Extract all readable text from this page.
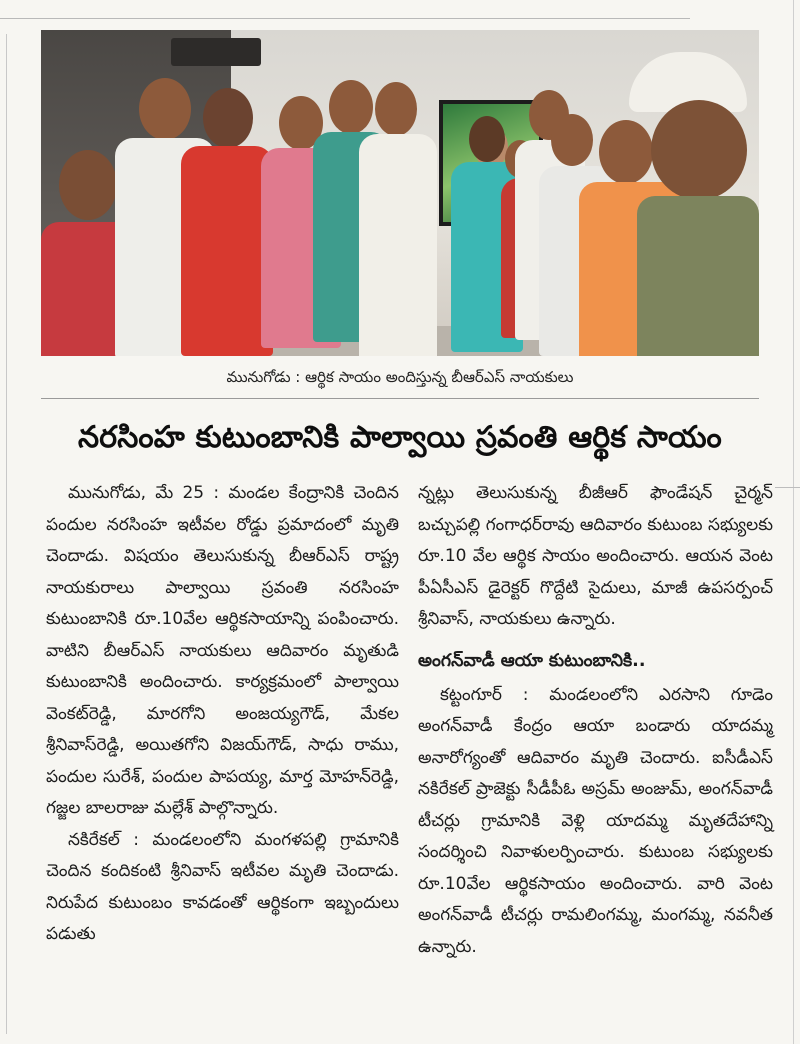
మునుగోడు : ఆర్థిక సాయం అందిస్తున్న బీఆర్ఎస్ నాయకులు
నరసింహ కుటుంబానికి పాల్వాయి స్రవంతి ఆర్థిక సాయం

మునుగోడు, మే 25 : మండల కేంద్రానికి చెందిన పందుల నరసింహ ఇటీవల రోడ్డు ప్రమాదంలో మృతి చెందాడు. విషయం తెలుసుకున్న బీఆర్ఎస్ రాష్ట్ర నాయకురాలు పాల్వాయి స్రవంతి నరసింహ కుటుంబానికి రూ.10వేల ఆర్థికసాయాన్ని పంపించారు. వాటిని బీఆర్ఎస్ నాయకులు ఆదివారం మృతుడి కుటుంబానికి అందించారు. కార్యక్రమంలో పాల్వాయి వెంకట్‌రెడ్డి, మారగోని అంజయ్యగౌడ్, మేకల శ్రీనివాస్‌రెడ్డి, అయితగోని విజయ్‌గౌడ్, సాధు రాము, పందుల సురేశ్, పందుల పాపయ్య, మార్త మోహన్‌రెడ్డి, గజ్జల బాలరాజు మల్లేశ్ పాల్గొన్నారు.

నకిరేకల్ : మండలంలోని మంగళపల్లి గ్రామానికి చెందిన కందికంటి శ్రీనివాస్ ఇటీవల మృతి చెందాడు. నిరుపేద కుటుంబం కావడంతో ఆర్థికంగా ఇబ్బందులు పడుతు

న్నట్లు తెలుసుకున్న బీజీఆర్ ఫౌండేషన్ చైర్మన్ బచ్చుపల్లి గంగాధర్‌రావు ఆదివారం కుటుంబ సభ్యులకు రూ.10 వేల ఆర్థిక సాయం అందించారు. ఆయన వెంట పీఏసీఎస్ డైరెక్టర్ గొద్దేటి సైదులు, మాజీ ఉపసర్పంచ్ శ్రీనివాస్, నాయకులు ఉన్నారు.

అంగన్‌వాడీ ఆయా కుటుంబానికి..

కట్టంగూర్ : మండలంలోని ఎరసాని గూడెం అంగన్‌వాడీ కేంద్రం ఆయా బండారు యాదమ్మ అనారోగ్యంతో ఆదివారం మృతి చెందారు. ఐసీడీఎస్ నకిరేకల్ ప్రాజెక్టు సీడీపీఓ అస్రమ్ అంజుమ్, అంగన్‌వాడీ టీచర్లు గ్రామానికి వెళ్లి యాదమ్మ మృతదేహాన్ని సందర్శించి నివాళులర్పించారు. కుటుంబ సభ్యులకు రూ.10వేల ఆర్థికసాయం అందించారు. వారి వెంట అంగన్‌వాడీ టీచర్లు రామలింగమ్మ, మంగమ్మ, నవనీత ఉన్నారు.
